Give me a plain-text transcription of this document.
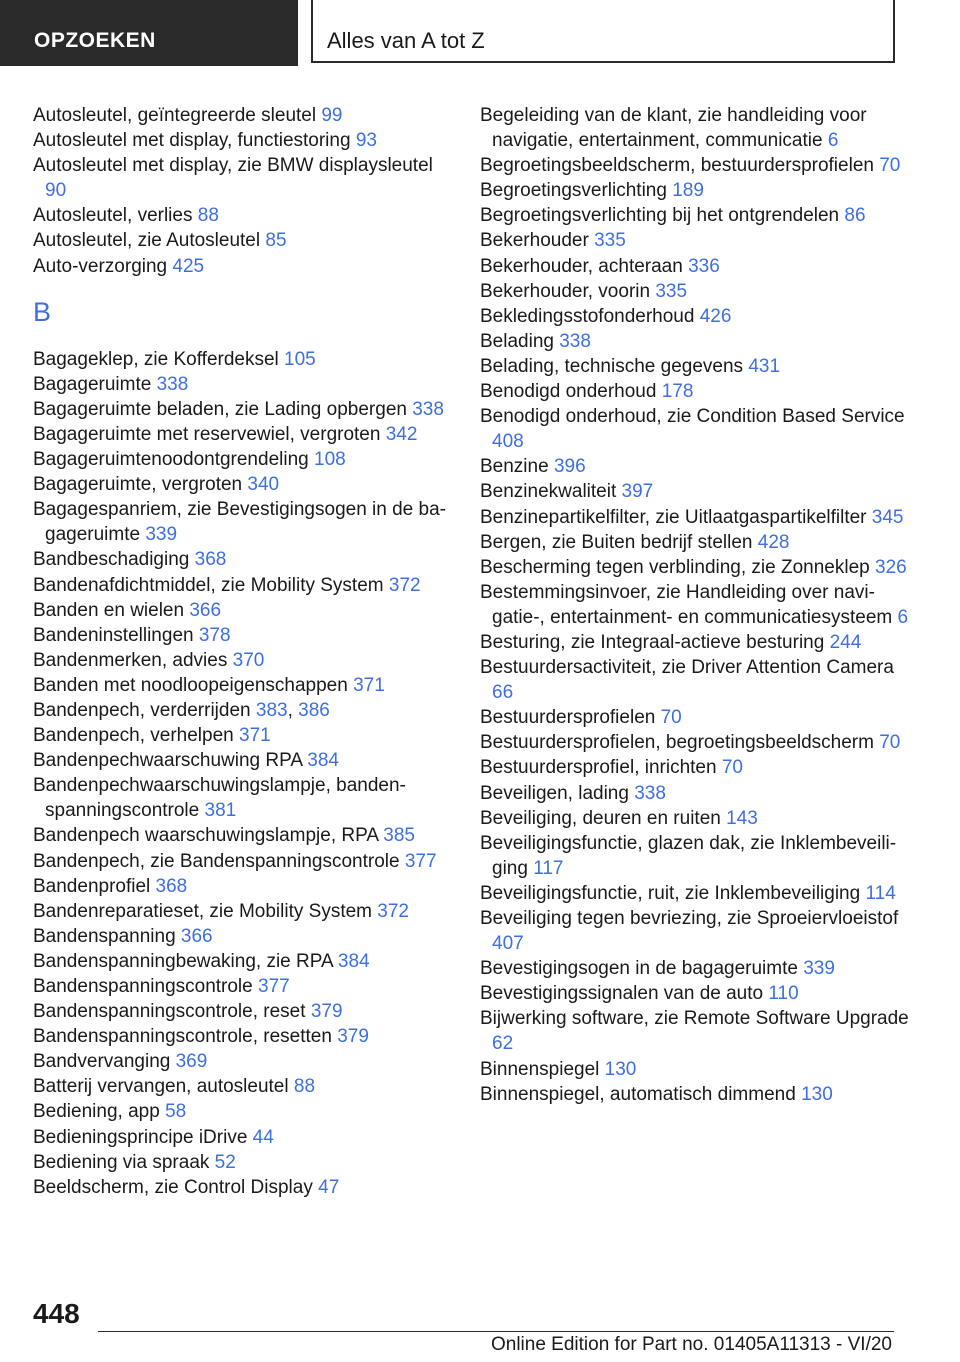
OPZOEKEN	Alles van A tot Z

Autosleutel, geïntegreerde sleutel 99

Autosleutel met display, functiestoring 93

Autosleutel met display, zie BMW displaysleutel 90

Autosleutel, verlies 88

Autosleutel, zie Autosleutel 85

Auto-verzorging 425

B

Bagageklep, zie Kofferdeksel 105

Bagageruimte 338

Bagageruimte beladen, zie Lading opbergen 338

Bagageruimte met reservewiel, vergroten 342

Bagageruimtenoodontgrendeling 108

Bagageruimte, vergroten 340

Bagagespanriem, zie Bevestigingsogen in de bagageruimte 339

Bandbeschadiging 368

Bandenafdichtmiddel, zie Mobility System 372

Banden en wielen 366

Bandeninstellingen 378

Bandenmerken, advies 370

Banden met noodloopeigenschappen 371

Bandenpech, verderrijden 383, 386

Bandenpech, verhelpen 371

Bandenpechwaarschuwing RPA 384

Bandenpechwaarschuwingslampje, bandenspanningscontrole 381

Bandenpech waarschuwingslampje, RPA 385

Bandenpech, zie Bandenspanningscontrole 377

Bandenprofiel 368

Bandenreparatieset, zie Mobility System 372

Bandenspanning 366

Bandenspanningbewaking, zie RPA 384

Bandenspanningscontrole 377

Bandenspanningscontrole, reset 379

Bandenspanningscontrole, resetten 379

Bandvervanging 369

Batterij vervangen, autosleutel 88

Bediening, app 58

Bedieningsprincipe iDrive 44

Bediening via spraak 52

Beeldscherm, zie Control Display 47

Begeleiding van de klant, zie handleiding voor navigatie, entertainment, communicatie 6

Begroetingsbeeldscherm, bestuurdersprofielen 70

Begroetingsverlichting 189

Begroetingsverlichting bij het ontgrendelen 86

Bekerhouder 335

Bekerhouder, achteraan 336

Bekerhouder, voorin 335

Bekledingsstofonderhoud 426

Belading 338

Belading, technische gegevens 431

Benodigd onderhoud 178

Benodigd onderhoud, zie Condition Based Service 408

Benzine 396

Benzinekwaliteit 397

Benzinepartikelfilter, zie Uitlaatgaspartikelfilter 345

Bergen, zie Buiten bedrijf stellen 428

Bescherming tegen verblinding, zie Zonneklep 326

Bestemmingsinvoer, zie Handleiding over navigatie-, entertainment- en communicatiesysteem 6

Besturing, zie Integraal-actieve besturing 244

Bestuurdersactiviteit, zie Driver Attention Camera 66

Bestuurdersprofielen 70

Bestuurdersprofielen, begroetingsbeeldscherm 70

Bestuurdersprofiel, inrichten 70

Beveiligen, lading 338

Beveiliging, deuren en ruiten 143

Beveiligingsfunctie, glazen dak, zie Inklembeveiliging 117

Beveiligingsfunctie, ruit, zie Inklembeveiliging 114

Beveiliging tegen bevriezing, zie Sproeiervloeistof 407

Bevestigingsogen in de bagageruimte 339

Bevestigingssignalen van de auto 110

Bijwerking software, zie Remote Software Upgrade 62

Binnenspiegel 130

Binnenspiegel, automatisch dimmend 130

448
Online Edition for Part no. 01405A11313 - VI/20
